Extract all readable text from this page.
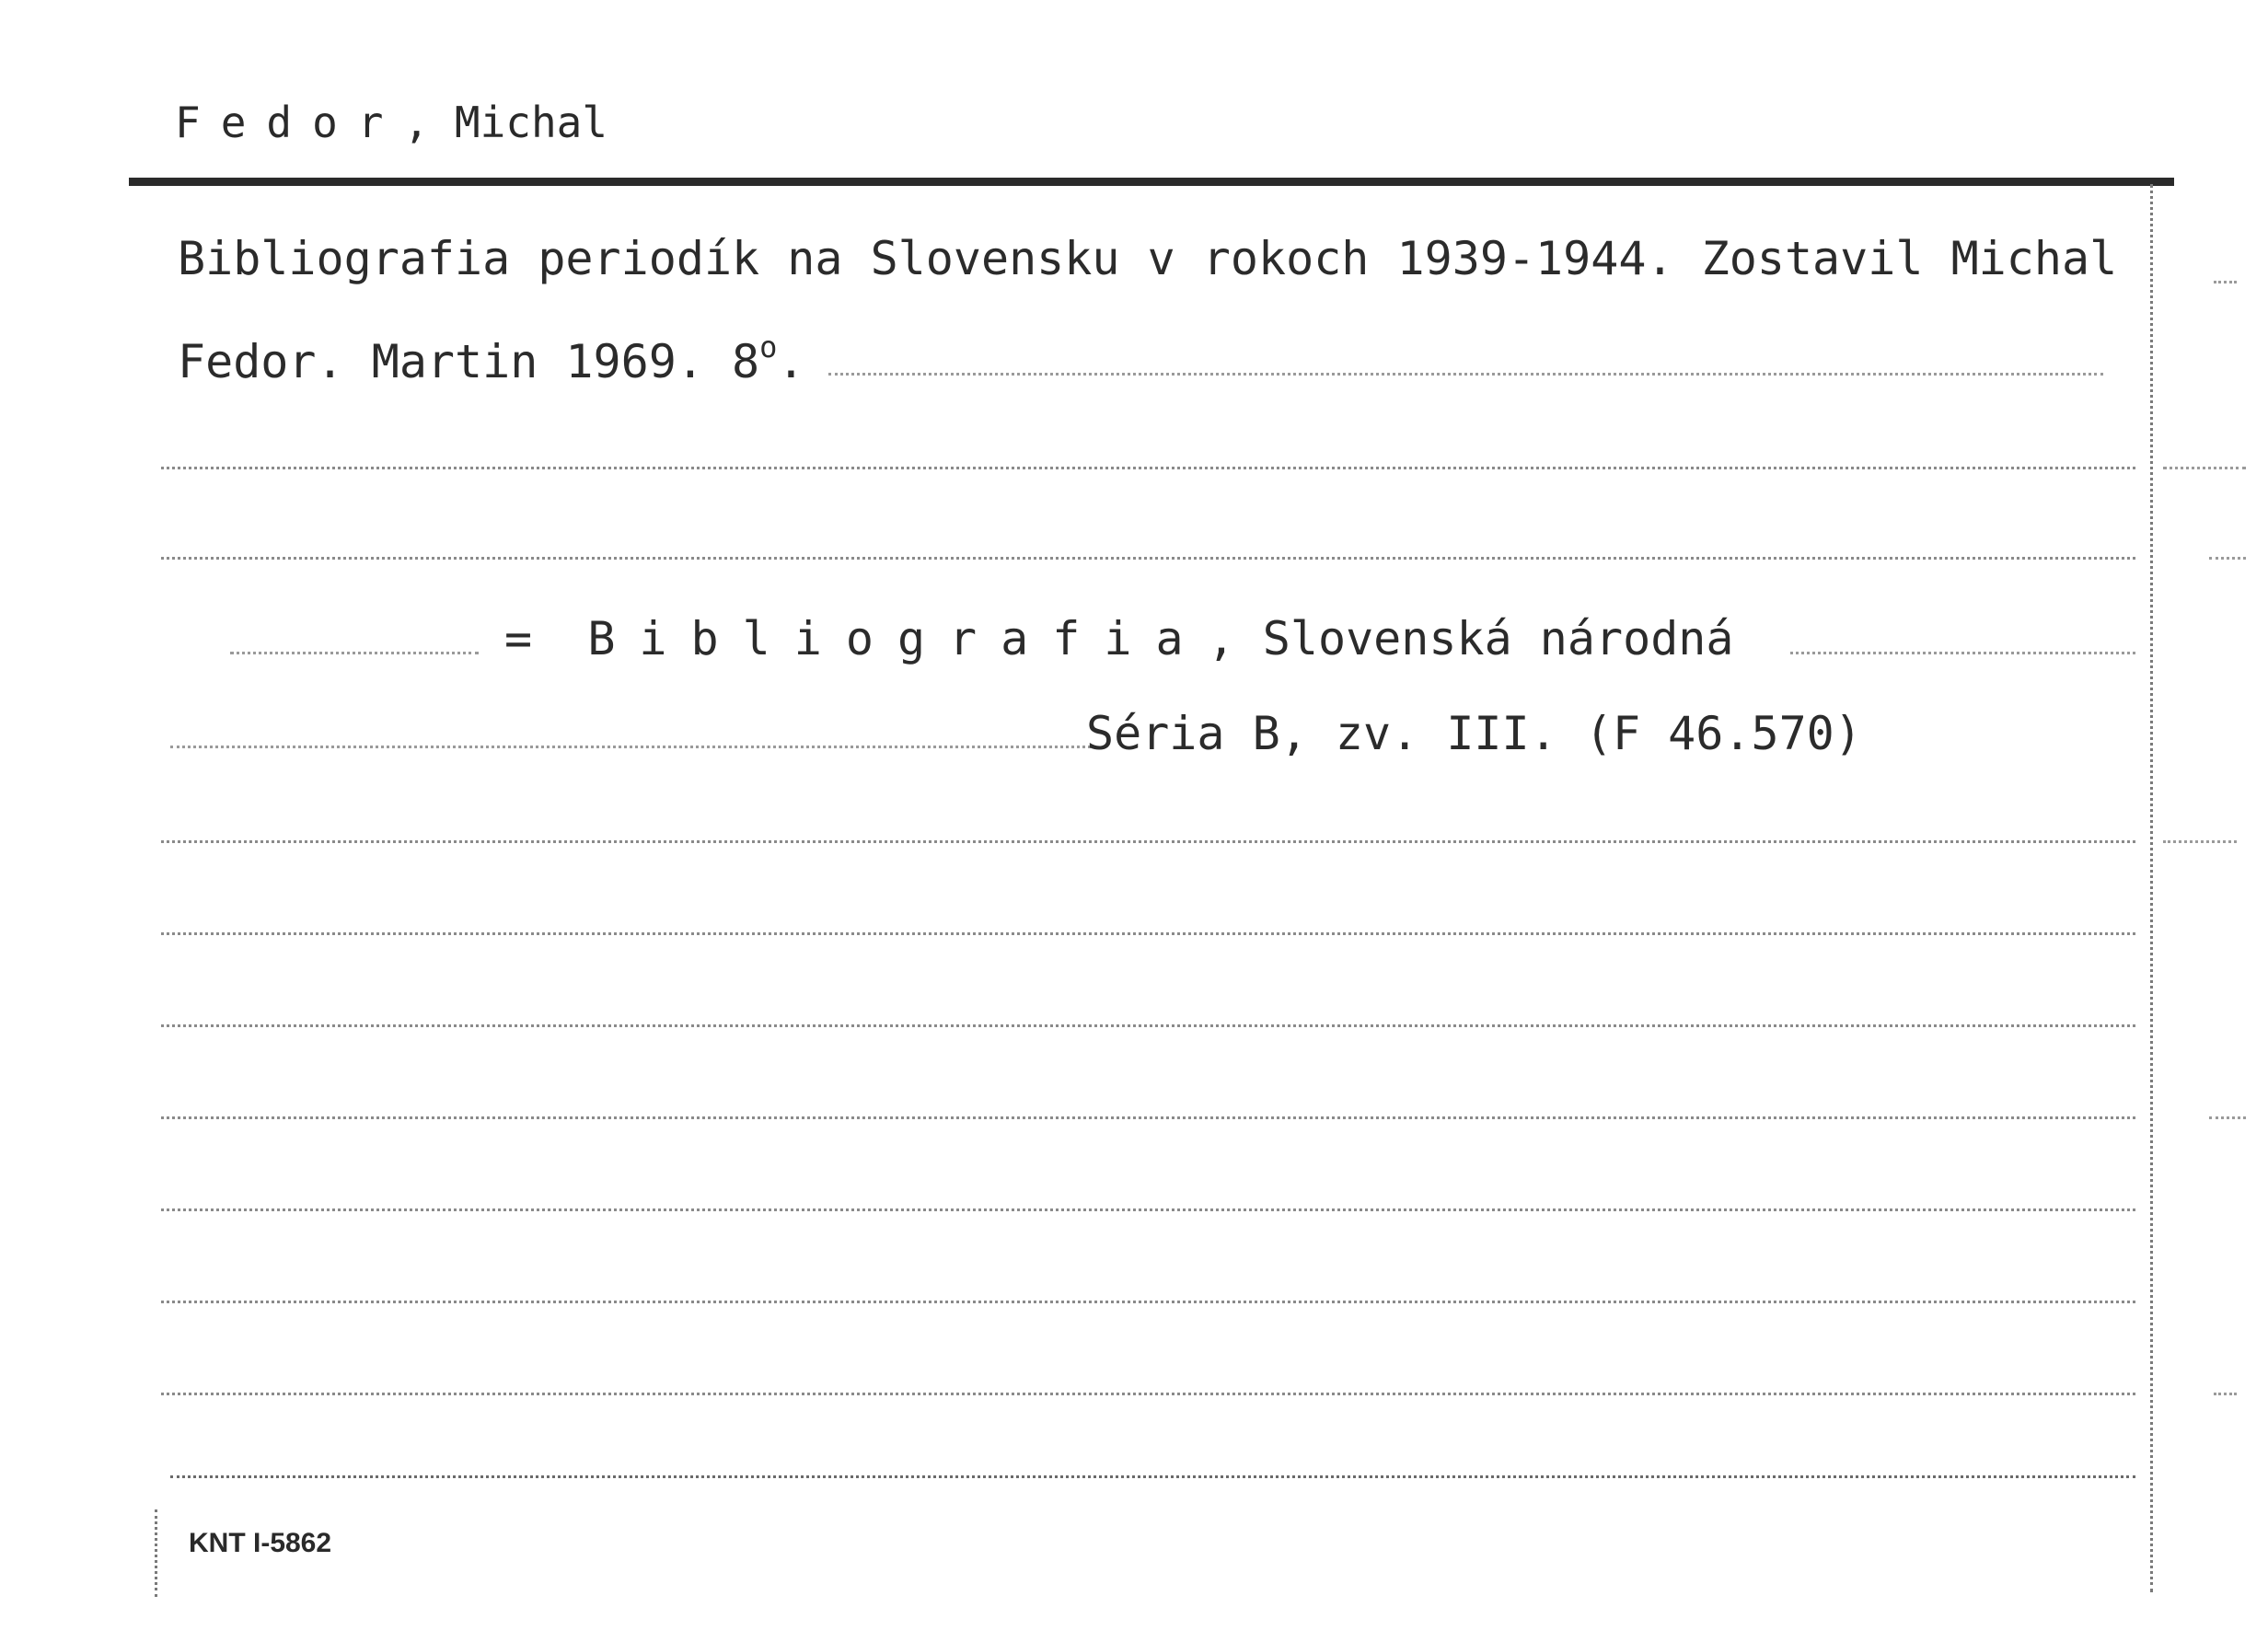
Fedor, Michal
Bibliografia periodík na Slovensku v rokoch 1939-1944. Zostavil Michal
Fedor. Martin 1969. $8^o$.
= Bibliografia, Slovenská národná
Séria B, zv. III. (F 46.570)
KNT I-5862
